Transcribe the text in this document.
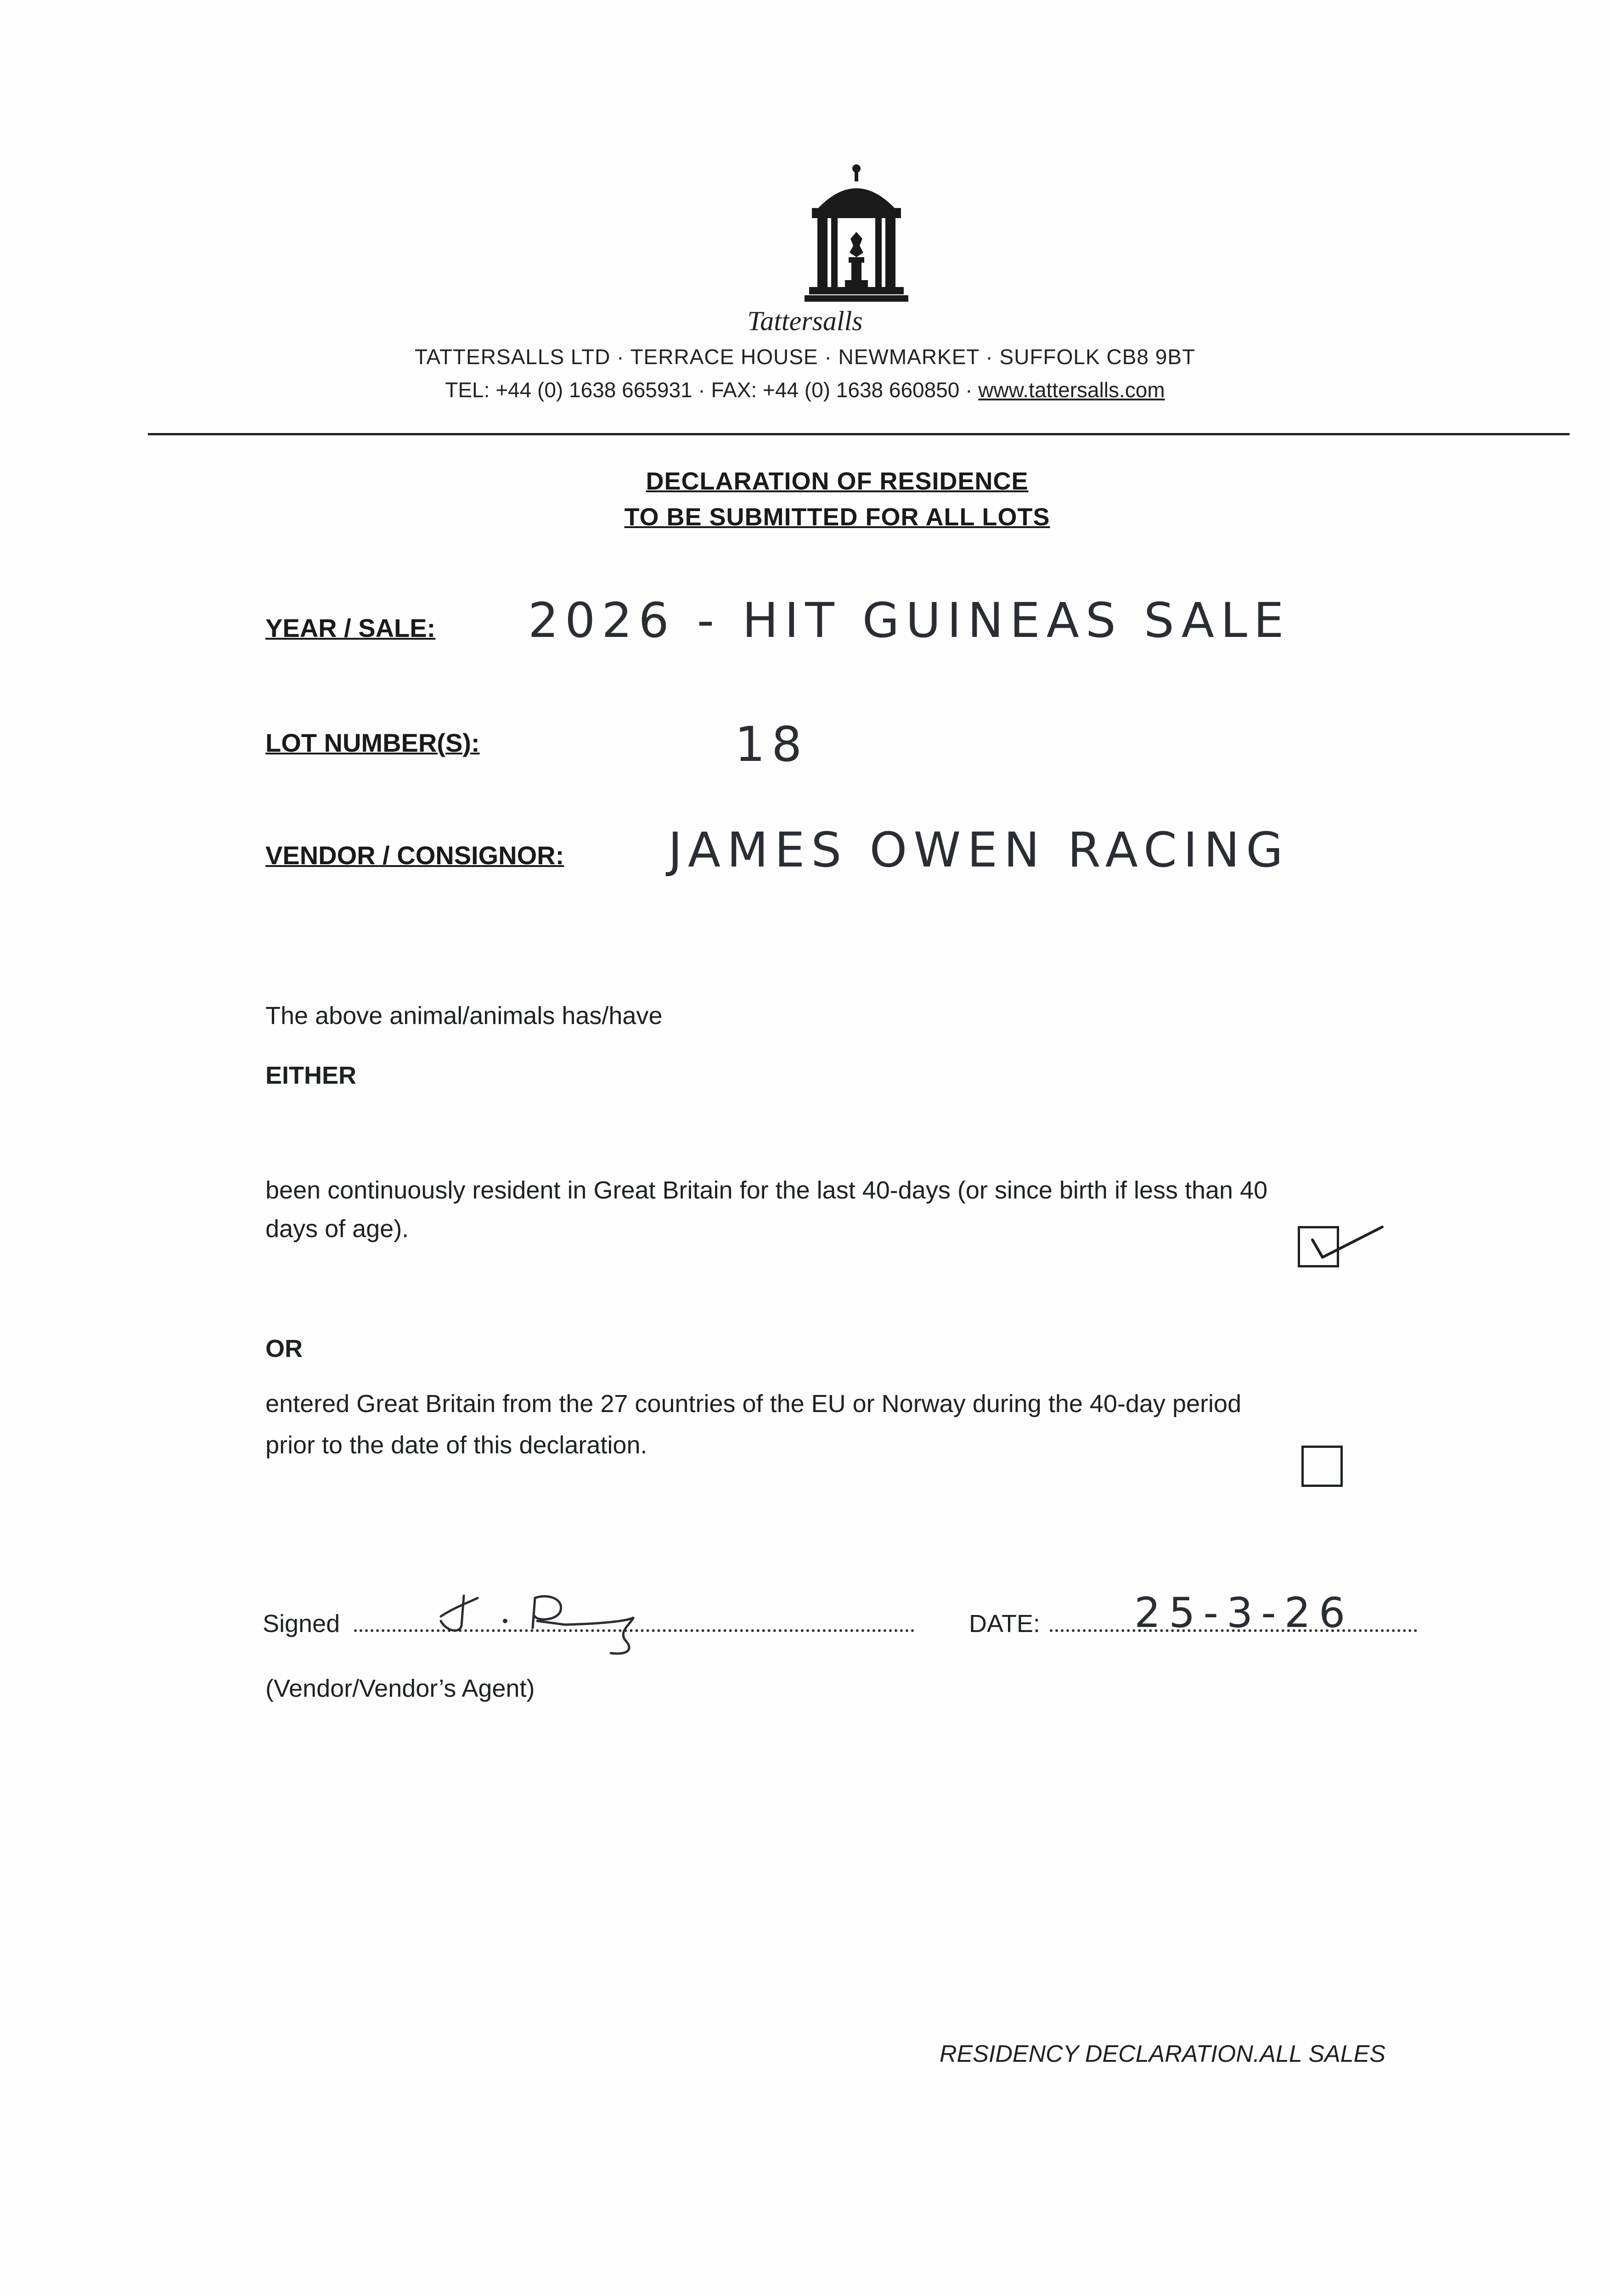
Tattersalls
TATTERSALLS LTD · TERRACE HOUSE · NEWMARKET · SUFFOLK CB8 9BT
TEL: +44 (0) 1638 665931 · FAX: +44 (0) 1638 660850 · www.tattersalls.com
DECLARATION OF RESIDENCE
TO BE SUBMITTED FOR ALL LOTS
YEAR / SALE: 2026 - HIT GUINEAS SALE
LOT NUMBER(S):	18
VENDOR / CONSIGNOR: JAMES OWEN RACING
The above animal/animals has/have
EITHER
been continuously resident in Great Britain for the last 40-days (or since birth if less than 40
days of age).
OR
entered Great Britain from the 27 countries of the EU or Norway during the 40-day period
prior to the date of this declaration.
Signed	DATE:	25-3-26
(Vendor/Vendor’s Agent)
RESIDENCY DECLARATION.ALL SALES
